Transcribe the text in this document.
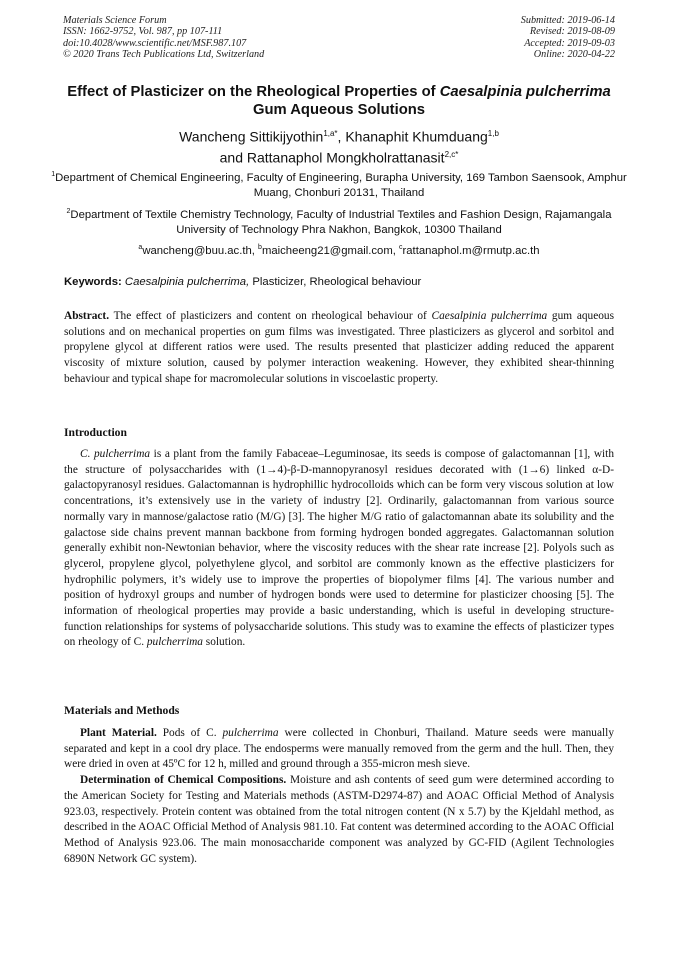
Materials Science Forum
ISSN: 1662-9752, Vol. 987, pp 107-111
doi:10.4028/www.scientific.net/MSF.987.107
© 2020 Trans Tech Publications Ltd, Switzerland
Submitted: 2019-06-14
Revised: 2019-08-09
Accepted: 2019-09-03
Online: 2020-04-22
Effect of Plasticizer on the Rheological Properties of Caesalpinia pulcherrima Gum Aqueous Solutions
Wancheng Sittikijyothin$^{1,a*}$, Khanaphit Khumduang$^{1,b}$
and Rattanaphol Mongkholrattanasit$^{2,c*}$
$^1$Department of Chemical Engineering, Faculty of Engineering, Burapha University, 169 Tambon Saensook, Amphur Muang, Chonburi 20131, Thailand
$^2$Department of Textile Chemistry Technology, Faculty of Industrial Textiles and Fashion Design, Rajamangala University of Technology Phra Nakhon, Bangkok, 10300 Thailand
$^a$wancheng@buu.ac.th, $^b$maicheeng21@gmail.com, $^c$rattanaphol.m@rmutp.ac.th
Keywords: Caesalpinia pulcherrima, Plasticizer, Rheological behaviour

Abstract. The effect of plasticizers and content on rheological behaviour of Caesalpinia pulcherrima gum aqueous solutions and on mechanical properties on gum films was investigated. Three plasticizers as glycerol and sorbitol and propylene glycol at different ratios were used. The results presented that plasticizer adding reduced the apparent viscosity of mixture solution, caused by polymer interaction weakening. However, they exhibited shear-thinning behaviour and typical shape for macromolecular solutions in viscoelastic property.

Introduction

C. pulcherrima is a plant from the family Fabaceae–Leguminosae, its seeds is compose of galactomannan [1], with the structure of polysaccharides with (1→4)-β-D-mannopyranosyl residues decorated with (1→6) linked α-D-galactopyranosyl residues. Galactomannan is hydrophillic hydrocolloids which can be form very viscous solution at low concentrations, it’s extensively use in the variety of industry [2]. Ordinarily, galactomannan from various source normally vary in mannose/galactose ratio (M/G) [3]. The higher M/G ratio of galactomannan abate its solubility and the galactose side chains prevent mannan backbone from forming hydrogen bonded aggregates. Galactomannan solution generally exhibit non-Newtonian behavior, where the viscosity reduces with the shear rate increase [2]. Polyols such as glycerol, propylene glycol, polyethylene glycol, and sorbitol are commonly known as the effective plasticizers for hydrophilic polymers, it’s widely use to improve the properties of biopolymer films [4]. The various number and position of hydroxyl groups and number of hydrogen bonds were used to determine for plasticizer choosing [5]. The information of rheological properties may provide a basic understanding, which is useful in developing structure-function relationships for systems of polysaccharide solutions. This study was to examine the effects of plasticizer types on rheology of C. pulcherrima solution.

Materials and Methods

Plant Material. Pods of C. pulcherrima were collected in Chonburi, Thailand. Mature seeds were manually separated and kept in a cool dry place. The endosperms were manually removed from the germ and the hull. Then, they were dried in oven at 45ºC for 12 h, milled and ground through a 355-micron mesh sieve.

Determination of Chemical Compositions. Moisture and ash contents of seed gum were determined according to the American Society for Testing and Materials methods (ASTM-D2974-87) and AOAC Official Method of Analysis 923.03, respectively. Protein content was obtained from the total nitrogen content (N x 5.7) by the Kjeldahl method, as described in the AOAC Official Method of Analysis 981.10. Fat content was determined according to the AOAC Official Method of Analysis 923.06. The main monosaccharide component was analyzed by GC-FID (Agilent Technologies 6890N Network GC system).
